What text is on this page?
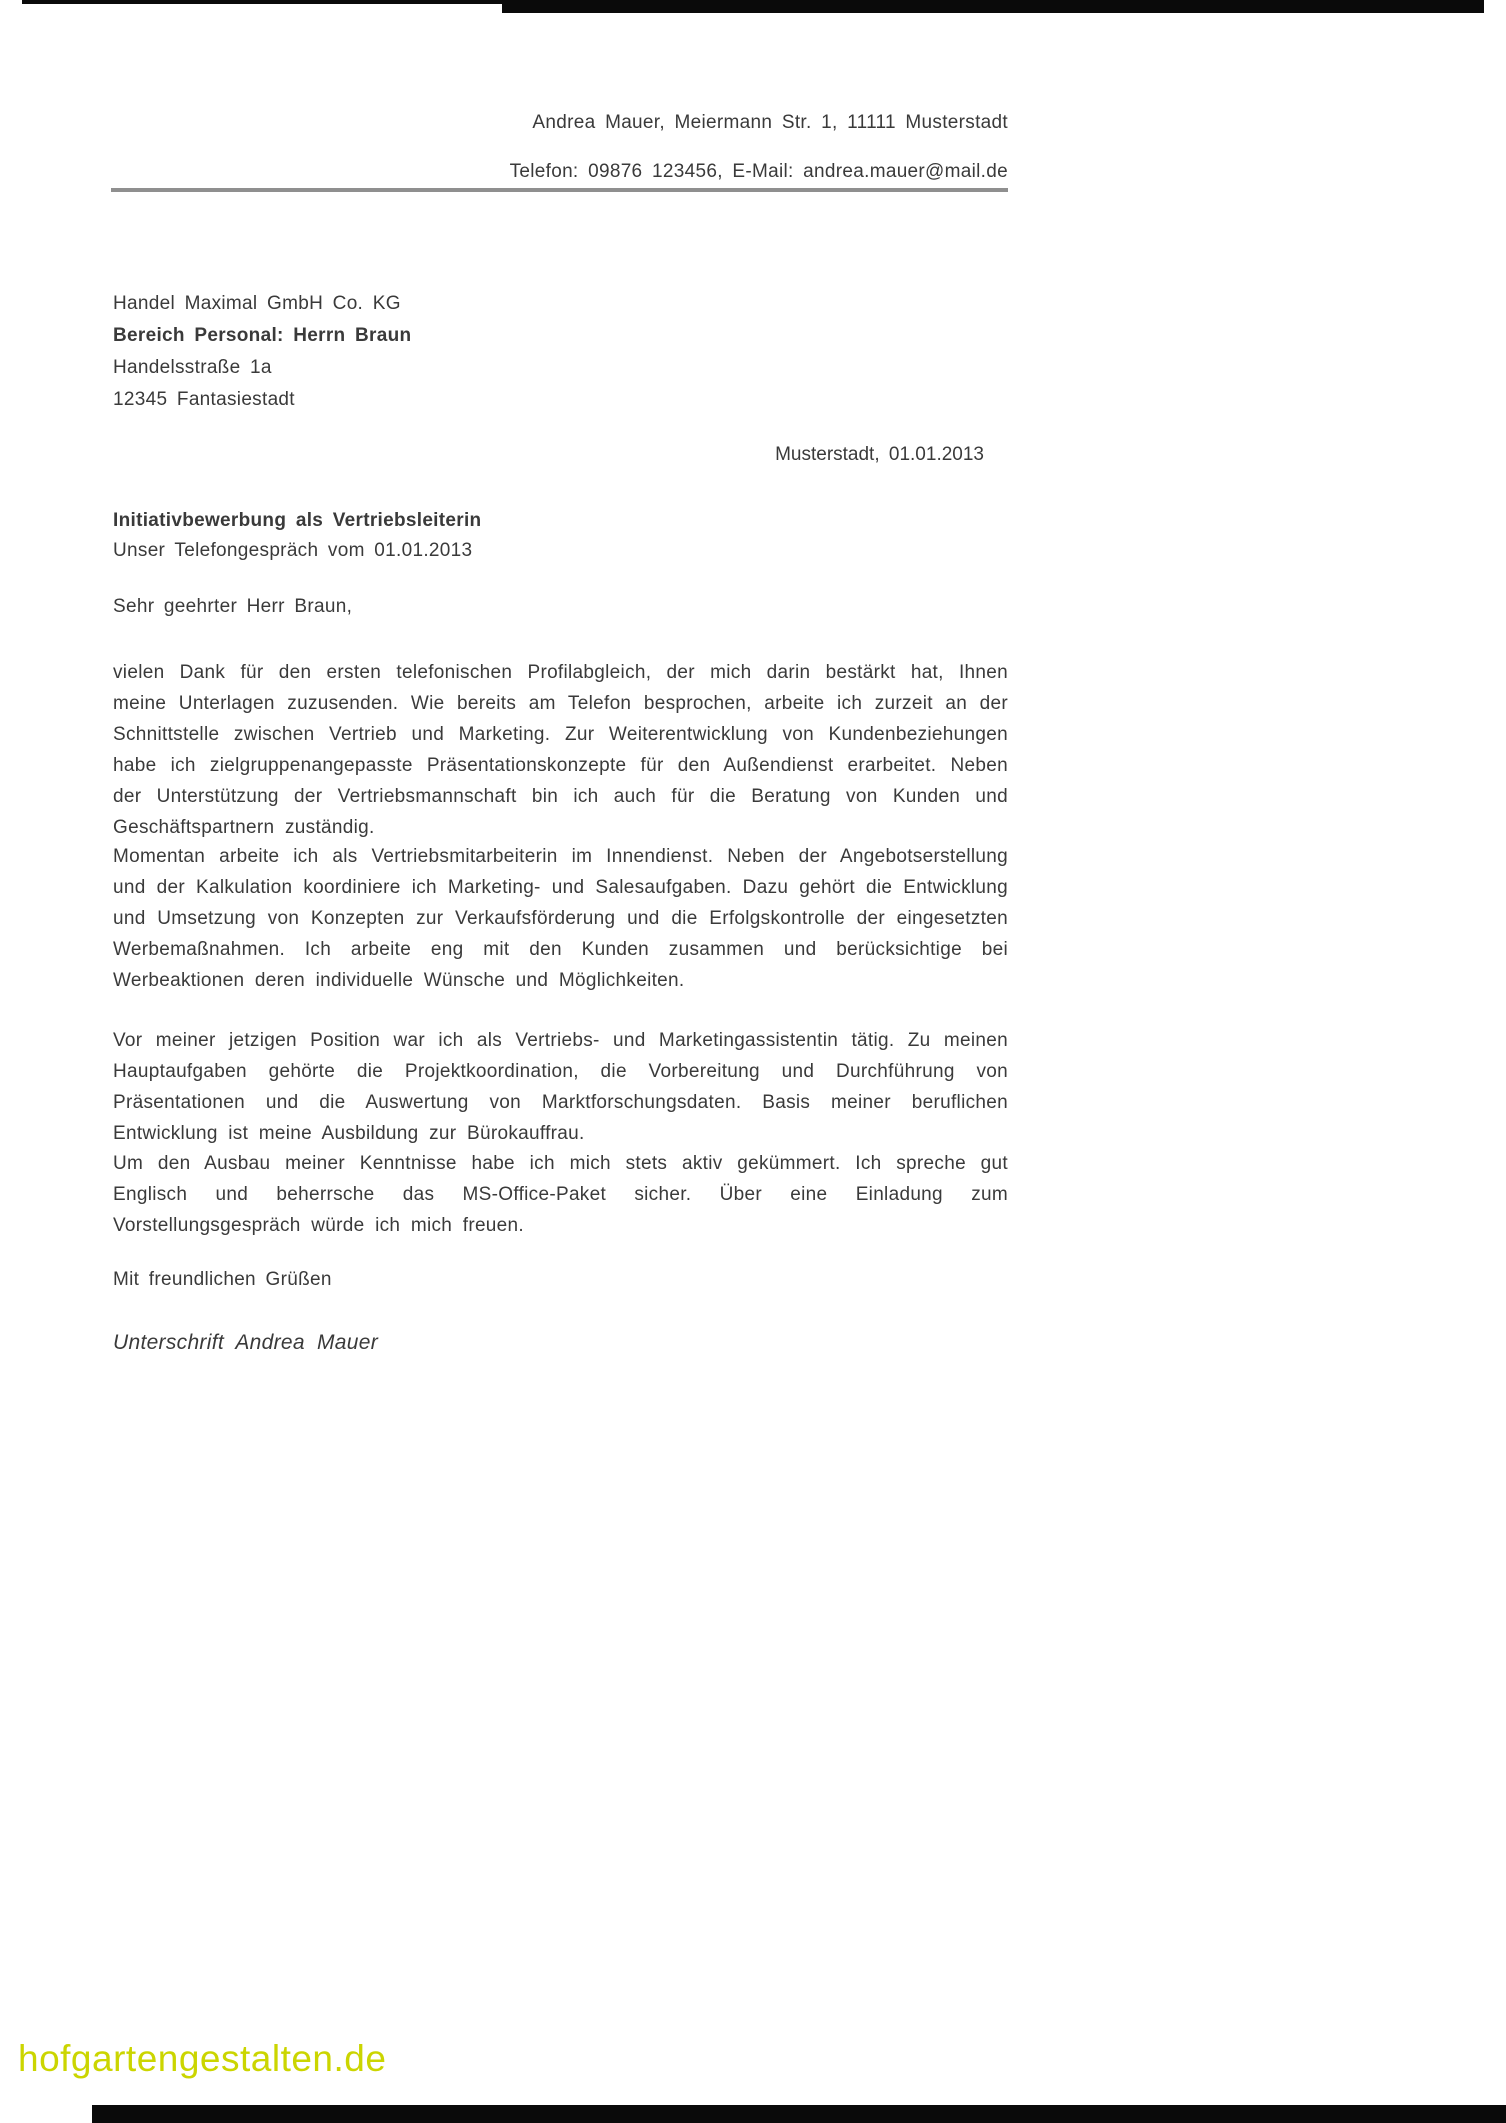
Andrea Mauer, Meiermann Str. 1, 11111 Musterstadt
Telefon: 09876 123456, E-Mail: andrea.mauer@mail.de
Handel Maximal GmbH Co. KG
Bereich Personal: Herrn Braun
Handelsstraße 1a
12345 Fantasiestadt
Musterstadt, 01.01.2013
Initiativbewerbung als Vertriebsleiterin
Unser Telefongespräch vom 01.01.2013
Sehr geehrter Herr Braun,
vielen Dank für den ersten telefonischen Profilabgleich, der mich darin bestärkt hat, Ihnen meine Unterlagen zuzusenden. Wie bereits am Telefon besprochen, arbeite ich zurzeit an der Schnittstelle zwischen Vertrieb und Marketing. Zur Weiterentwicklung von Kundenbeziehungen habe ich zielgruppenangepasste Präsentationskonzepte für den Außendienst erarbeitet. Neben der Unterstützung der Vertriebsmannschaft bin ich auch für die Beratung von Kunden und Geschäftspartnern zuständig.
Momentan arbeite ich als Vertriebsmitarbeiterin im Innendienst. Neben der Angebotserstellung und der Kalkulation koordiniere ich Marketing- und Salesaufgaben. Dazu gehört die Entwicklung und Umsetzung von Konzepten zur Verkaufsförderung und die Erfolgskontrolle der eingesetzten Werbemaßnahmen. Ich arbeite eng mit den Kunden zusammen und berücksichtige bei Werbeaktionen deren individuelle Wünsche und Möglichkeiten.
Vor meiner jetzigen Position war ich als Vertriebs- und Marketingassistentin tätig. Zu meinen Hauptaufgaben gehörte die Projektkoordination, die Vorbereitung und Durchführung von Präsentationen und die Auswertung von Marktforschungsdaten. Basis meiner beruflichen Entwicklung ist meine Ausbildung zur Bürokauffrau.
Um den Ausbau meiner Kenntnisse habe ich mich stets aktiv gekümmert. Ich spreche gut Englisch und beherrsche das MS-Office-Paket sicher. Über eine Einladung zum Vorstellungsgespräch würde ich mich freuen.
Mit freundlichen Grüßen
Unterschrift Andrea Mauer
hofgartengestalten.de
